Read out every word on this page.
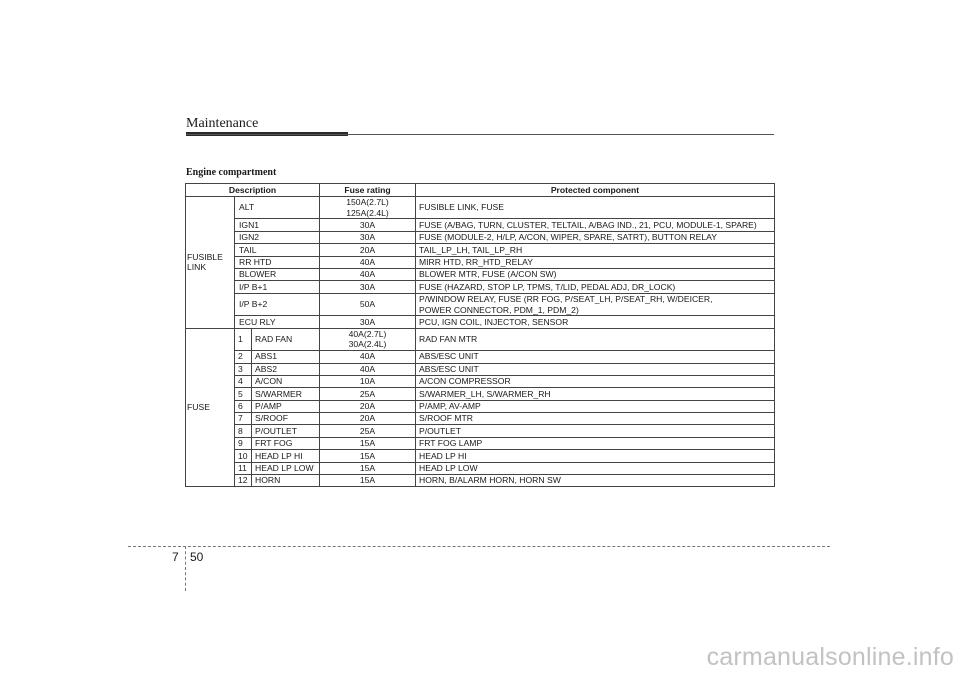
Maintenance
Engine compartment
Description			Fuse rating	Protected component
FUSIBLE LINK	ALT		150A(2.7L)
125A(2.4L)	FUSIBLE LINK, FUSE

	IGN1		30A	FUSE (A/BAG, TURN, CLUSTER, TELTAIL, A/BAG IND., 21, PCU, MODULE-1, SPARE)

	IGN2		30A	FUSE (MODULE-2, H/LP, A/CON, WIPER, SPARE, SATRT), BUTTON RELAY

	TAIL		20A	TAIL_LP_LH, TAIL_LP_RH

	RR HTD		40A	MIRR HTD, RR_HTD_RELAY

	BLOWER		40A	BLOWER MTR, FUSE (A/CON SW)

	I/P B+1		30A	FUSE (HAZARD, STOP LP, TPMS, T/LID, PEDAL ADJ, DR_LOCK)

	I/P B+2		50A	P/WINDOW RELAY, FUSE (RR FOG, P/SEAT_LH, P/SEAT_RH, W/DEICER,
POWER CONNECTOR, PDM_1, PDM_2)

	ECU RLY		30A	PCU, IGN COIL, INJECTOR, SENSOR

FUSE	1	RAD FAN	40A(2.7L)
30A(2.4L)	RAD FAN MTR

	2	ABS1	40A	ABS/ESC UNIT

	3	ABS2	40A	ABS/ESC UNIT

	4	A/CON	10A	A/CON COMPRESSOR

	5	S/WARMER	25A	S/WARMER_LH, S/WARMER_RH

	6	P/AMP	20A	P/AMP, AV-AMP

	7	S/ROOF	20A	S/ROOF MTR

	8	P/OUTLET	25A	P/OUTLET

	9	FRT FOG	15A	FRT FOG LAMP

	10	HEAD LP HI	15A	HEAD LP HI

	11	HEAD LP LOW	15A	HEAD LP LOW

	12	HORN	15A	HORN, B/ALARM HORN, HORN SW
7 50
carmanualsonline.info
